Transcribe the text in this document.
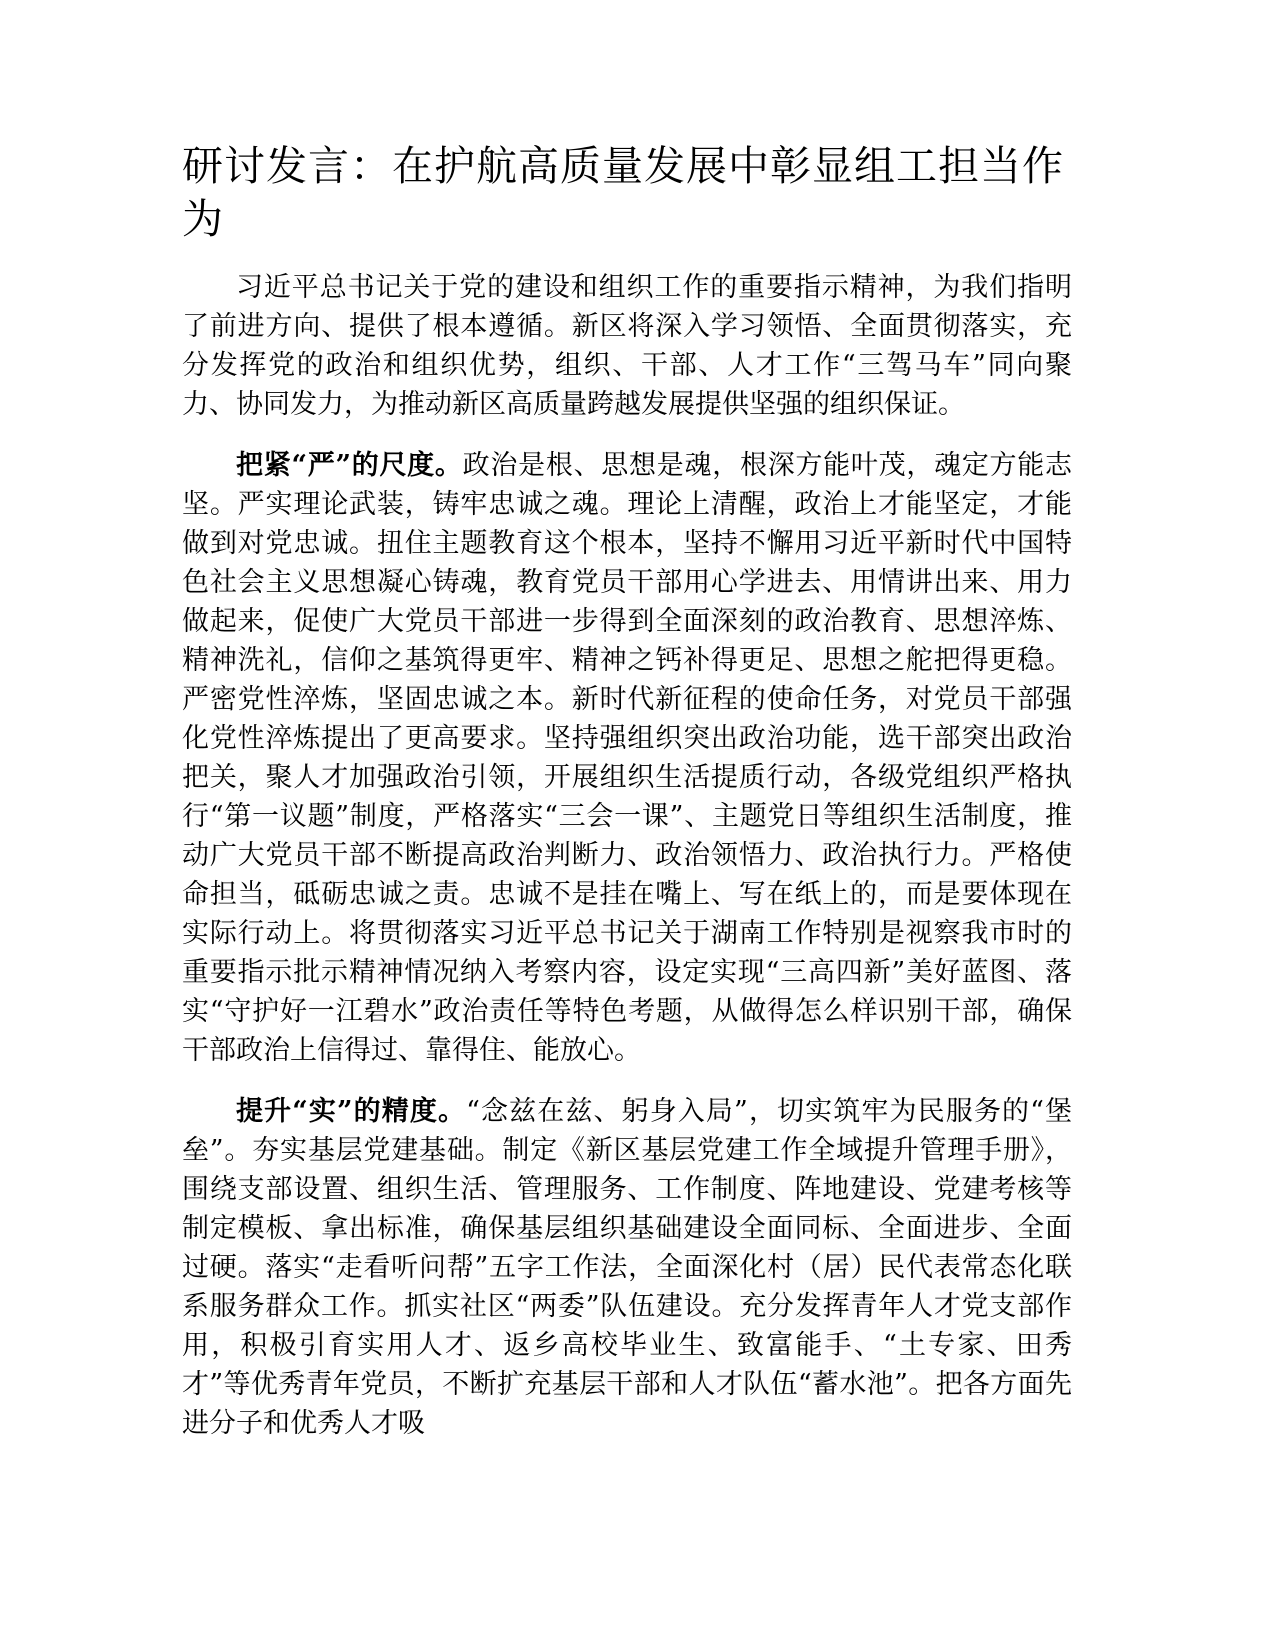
研讨发言：在护航高质量发展中彰显组工担当作为

习近平总书记关于党的建设和组织工作的重要指示精神，为我们指明了前进方向、提供了根本遵循。新区将深入学习领悟、全面贯彻落实，充分发挥党的政治和组织优势，组织、干部、人才工作“三驾马车”同向聚力、协同发力，为推动新区高质量跨越发展提供坚强的组织保证。

把紧“严”的尺度。政治是根、思想是魂，根深方能叶茂，魂定方能志坚。严实理论武装，铸牢忠诚之魂。理论上清醒，政治上才能坚定，才能做到对党忠诚。扭住主题教育这个根本，坚持不懈用习近平新时代中国特色社会主义思想凝心铸魂，教育党员干部用心学进去、用情讲出来、用力做起来，促使广大党员干部进一步得到全面深刻的政治教育、思想淬炼、精神洗礼，信仰之基筑得更牢、精神之钙补得更足、思想之舵把得更稳。严密党性淬炼，坚固忠诚之本。新时代新征程的使命任务，对党员干部强化党性淬炼提出了更高要求。坚持强组织突出政治功能，选干部突出政治把关，聚人才加强政治引领，开展组织生活提质行动，各级党组织严格执行“第一议题”制度，严格落实“三会一课”、主题党日等组织生活制度，推动广大党员干部不断提高政治判断力、政治领悟力、政治执行力。严格使命担当，砥砺忠诚之责。忠诚不是挂在嘴上、写在纸上的，而是要体现在实际行动上。将贯彻落实习近平总书记关于湖南工作特别是视察我市时的重要指示批示精神情况纳入考察内容，设定实现“三高四新”美好蓝图、落实“守护好一江碧水”政治责任等特色考题，从做得怎么样识别干部，确保干部政治上信得过、靠得住、能放心。

提升“实”的精度。“念兹在兹、躬身入局”，切实筑牢为民服务的“堡垒”。夯实基层党建基础。制定《新区基层党建工作全域提升管理手册》，围绕支部设置、组织生活、管理服务、工作制度、阵地建设、党建考核等制定模板、拿出标准，确保基层组织基础建设全面同标、全面进步、全面过硬。落实“走看听问帮”五字工作法，全面深化村（居）民代表常态化联系服务群众工作。抓实社区“两委”队伍建设。充分发挥青年人才党支部作用，积极引育实用人才、返乡高校毕业生、致富能手、“土专家、田秀才”等优秀青年党员，不断扩充基层干部和人才队伍“蓄水池”。把各方面先进分子和优秀人才吸
